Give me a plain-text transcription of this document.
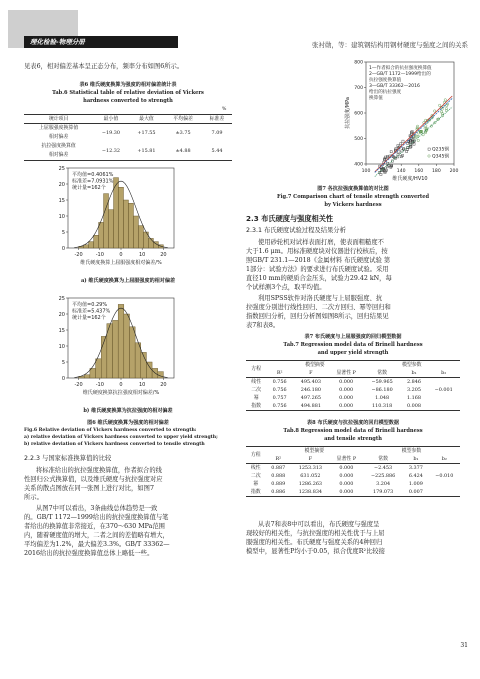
理化检验-物理分册	张衬勋，等：建筑钢结构用钢材硬度与强度之间的关系
见表6，相对偏差基本呈正态分布，频率分布如图6所示。
表6 维氏硬度换算为强度的相对偏差统计表
Tab.6 Statistical table of relative deviation of Vickers
hardness converted to strength
%
统计项目	最小值	最大值	平均偏差	标准差
上屈服强度换算值
相对偏差	−19.30	+17.55	±3.75	7.09
抗拉强度换算值
相对偏差	−12.32	+15.81	±4.88	5.44
0
5
10
15
20
25
-20	-10	0	10	20
平均值=0.4061%
标准差=7.0931%
统计量=162个
维氏硬度换算上屈服强度相对偏差/%
a) 维氏硬度换算为上屈服强度的相对偏差
0
5
10
15
20
25
-20	-10	0	10	20
平均值=0.29%
标准差=5.437%
统计量=162个
维氏硬度换算抗拉强度相对偏差/%
b) 维氏硬度换算为抗拉强度的相对偏差
图6 维氏硬度换算为强度的相对偏差
Fig.6 Relative deviation of Vickers hardness converted to strength:
a) relative deviation of Vickers hardness converted to upper yield strength;
b) relative deviation of Vickers hardness converted to tensile strength
2.2.3 与国家标准换算值的比较
将标准给出的抗拉强度换算值，作者拟合的线
性回归公式换算值，以及维氏硬度与抗拉强度对应
关系的散点图放在同一张图上进行对比，如图7
所示。
从图7中可以看出，3条曲线总体趋势是一致
的。GB/T 1172—1999给出的抗拉强度换算值与笔
者给出的换算值非常接近，在370～630 MPa范围
内，随着硬度值的增大，二者之间的差值略有增大，
平均偏差为1.2%，最大偏差3.3%。GB/T 33362—
2016给出的抗拉强度换算值总体上略低一些。
100 120 140 160 180 200
400
500
600
700
800
1—作者拟合的抗拉强度换算值
2—GB/T 1172—1999给出的
抗拉强度换算值
3—GB/T 33362—2016
给出的抗拉强度
换算值
Q235钢
Q345钢
抗拉强度/MPa
维氏硬度/HV10
图7 各抗拉强度换算值的对比图
Fig.7 Comparison chart of tensile strength converted
by Vickers hardness
2.3 布氏硬度与强度相关性
2.3.1 布氏硬度试验过程及结果分析
使用砂轮机对试样表面打磨，使表面粗糙度不
大于1.6 μm。用标准硬度块对仪器进行校核后，按
照GB/T 231.1—2018《金属材料 布氏硬度试验 第
1部分：试验方法》的要求进行布氏硬度试验。采用
直径10 mm的硬质合金压头，试验力29.42 kN，每
个试样测3个点，取平均值。
利用SPSS软件对洛氏硬度与上屈服强度、抗
拉强度分别进行线性回归、二次方回归、幂等回归和
指数回归分析，回归分析图如图8所示，回归结果见
表7和表8。
表7 布氏硬度与上屈服强度的回归模型数据
Tab.7 Regression model data of Brinell hardness
and upper yield strength
方程	模型摘要			模型参数		
	R²	F	显著性 P	常数	b₁	b₂
线性	0.756	495.403	0.000	−59.965	2.846	
二次	0.756	246.180	0.000	−86.180	3.205	−0.001
幂	0.757	497.265	0.000	1.048	1.168	
指数	0.756	494.881	0.000	110.318	0.008	
表8 布氏硬度与抗拉强度的回归模型数据
Tab.8 Regression model data of Brinell hardness
and tensile strength
方程	模型摘要			模型参数		
	R²	F	显著性 P	常数	b₁	b₂
线性	0.887	1253.313	0.000	−2.453	3.377	
二次	0.888	631.052	0.000	−225.886	6.424	−0.010
幂	0.889	1286.263	0.000	3.204	1.009	
指数	0.886	1238.834	0.000	179.073	0.007	
从表7和表8中可以看出，布氏硬度与强度呈
现较好的相关性，与抗拉强度的相关性优于与上屈
服强度的相关性。布氏硬度与强度关系的4种回归
模型中，显著性P均小于0.05，拟合优度R²比较接
31
